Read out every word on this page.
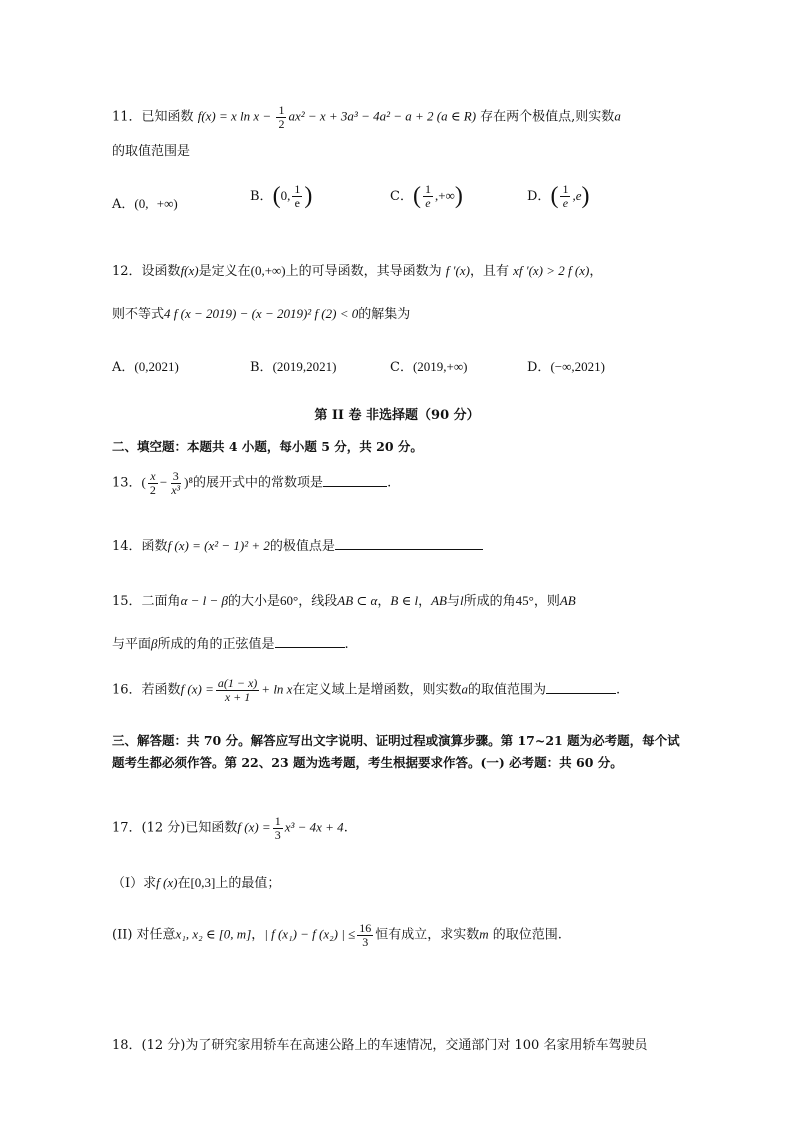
11．已知函数 f(x) = x $\ln x - \frac{1}{2} ax^2 - x + 3a^3 - 4a^2 - a + 2$ (a ∈ R) 存在两个极值点,则实数a
的取值范围是
A．(0, +∞)	B．(0, $\frac{1}{e}$ )	C．( $\frac{1}{e}$ ,+∞)	D．( $\frac{1}{e} ,e$)
12．设函数f(x)是定义在(0,+∞)上的可导函数，其导函数为 f ′(x)，且有 xf ′(x) > 2 f (x)，
则不等式4 f (x − 2019) − (x − 2019)² f (2) < 0的解集为
A．(0,2021)	B．(2019,2021)	C．(2019,+∞)	D．(−∞,2021)
第 II 卷 非选择题（90 分）
二、填空题：本题共 4 小题，每小题 5 分，共 20 分。
13．( $\frac{x}{2} - \frac{3}{\text{x³}} )^8$的展开式中的常数项是	.
14．函数f (x) = (x² − 1)² + 2的极值点是
15．二面角α − l − β的大小是60°，线段AB ⊂ α，B ∈ l，AB与l所成的角45°，则AB
与平面β所成的角的正弦值是	.
16．若函数f $(x) = \frac{a(1 - x)}{x + 1} + \ln x$在定义域上是增函数，则实数a的取值范围为	.

三、解答题：共 70 分。解答应写出文字说明、证明过程或演算步骤。第 17~21 题为必考题，每个试题考生都必须作答。第 22、23 题为选考题，考生根据要求作答。(一) 必考题：共 60 分。

17．(12 分)已知函数f $(x) = \frac{1}{3} x^3 - 4x + 4$.
（I）求f (x)在[0,3]上的最值；
(II) 对任意x₁, x₂ ∈ [0, m]，| f (x₁) − f (x₂) | ≤ $\frac{16}{3}$ 恒有成立，求实数m 的取位范围.
18．(12 分)为了研究家用轿车在高速公路上的车速情况，交通部门对 100 名家用轿车驾驶员
